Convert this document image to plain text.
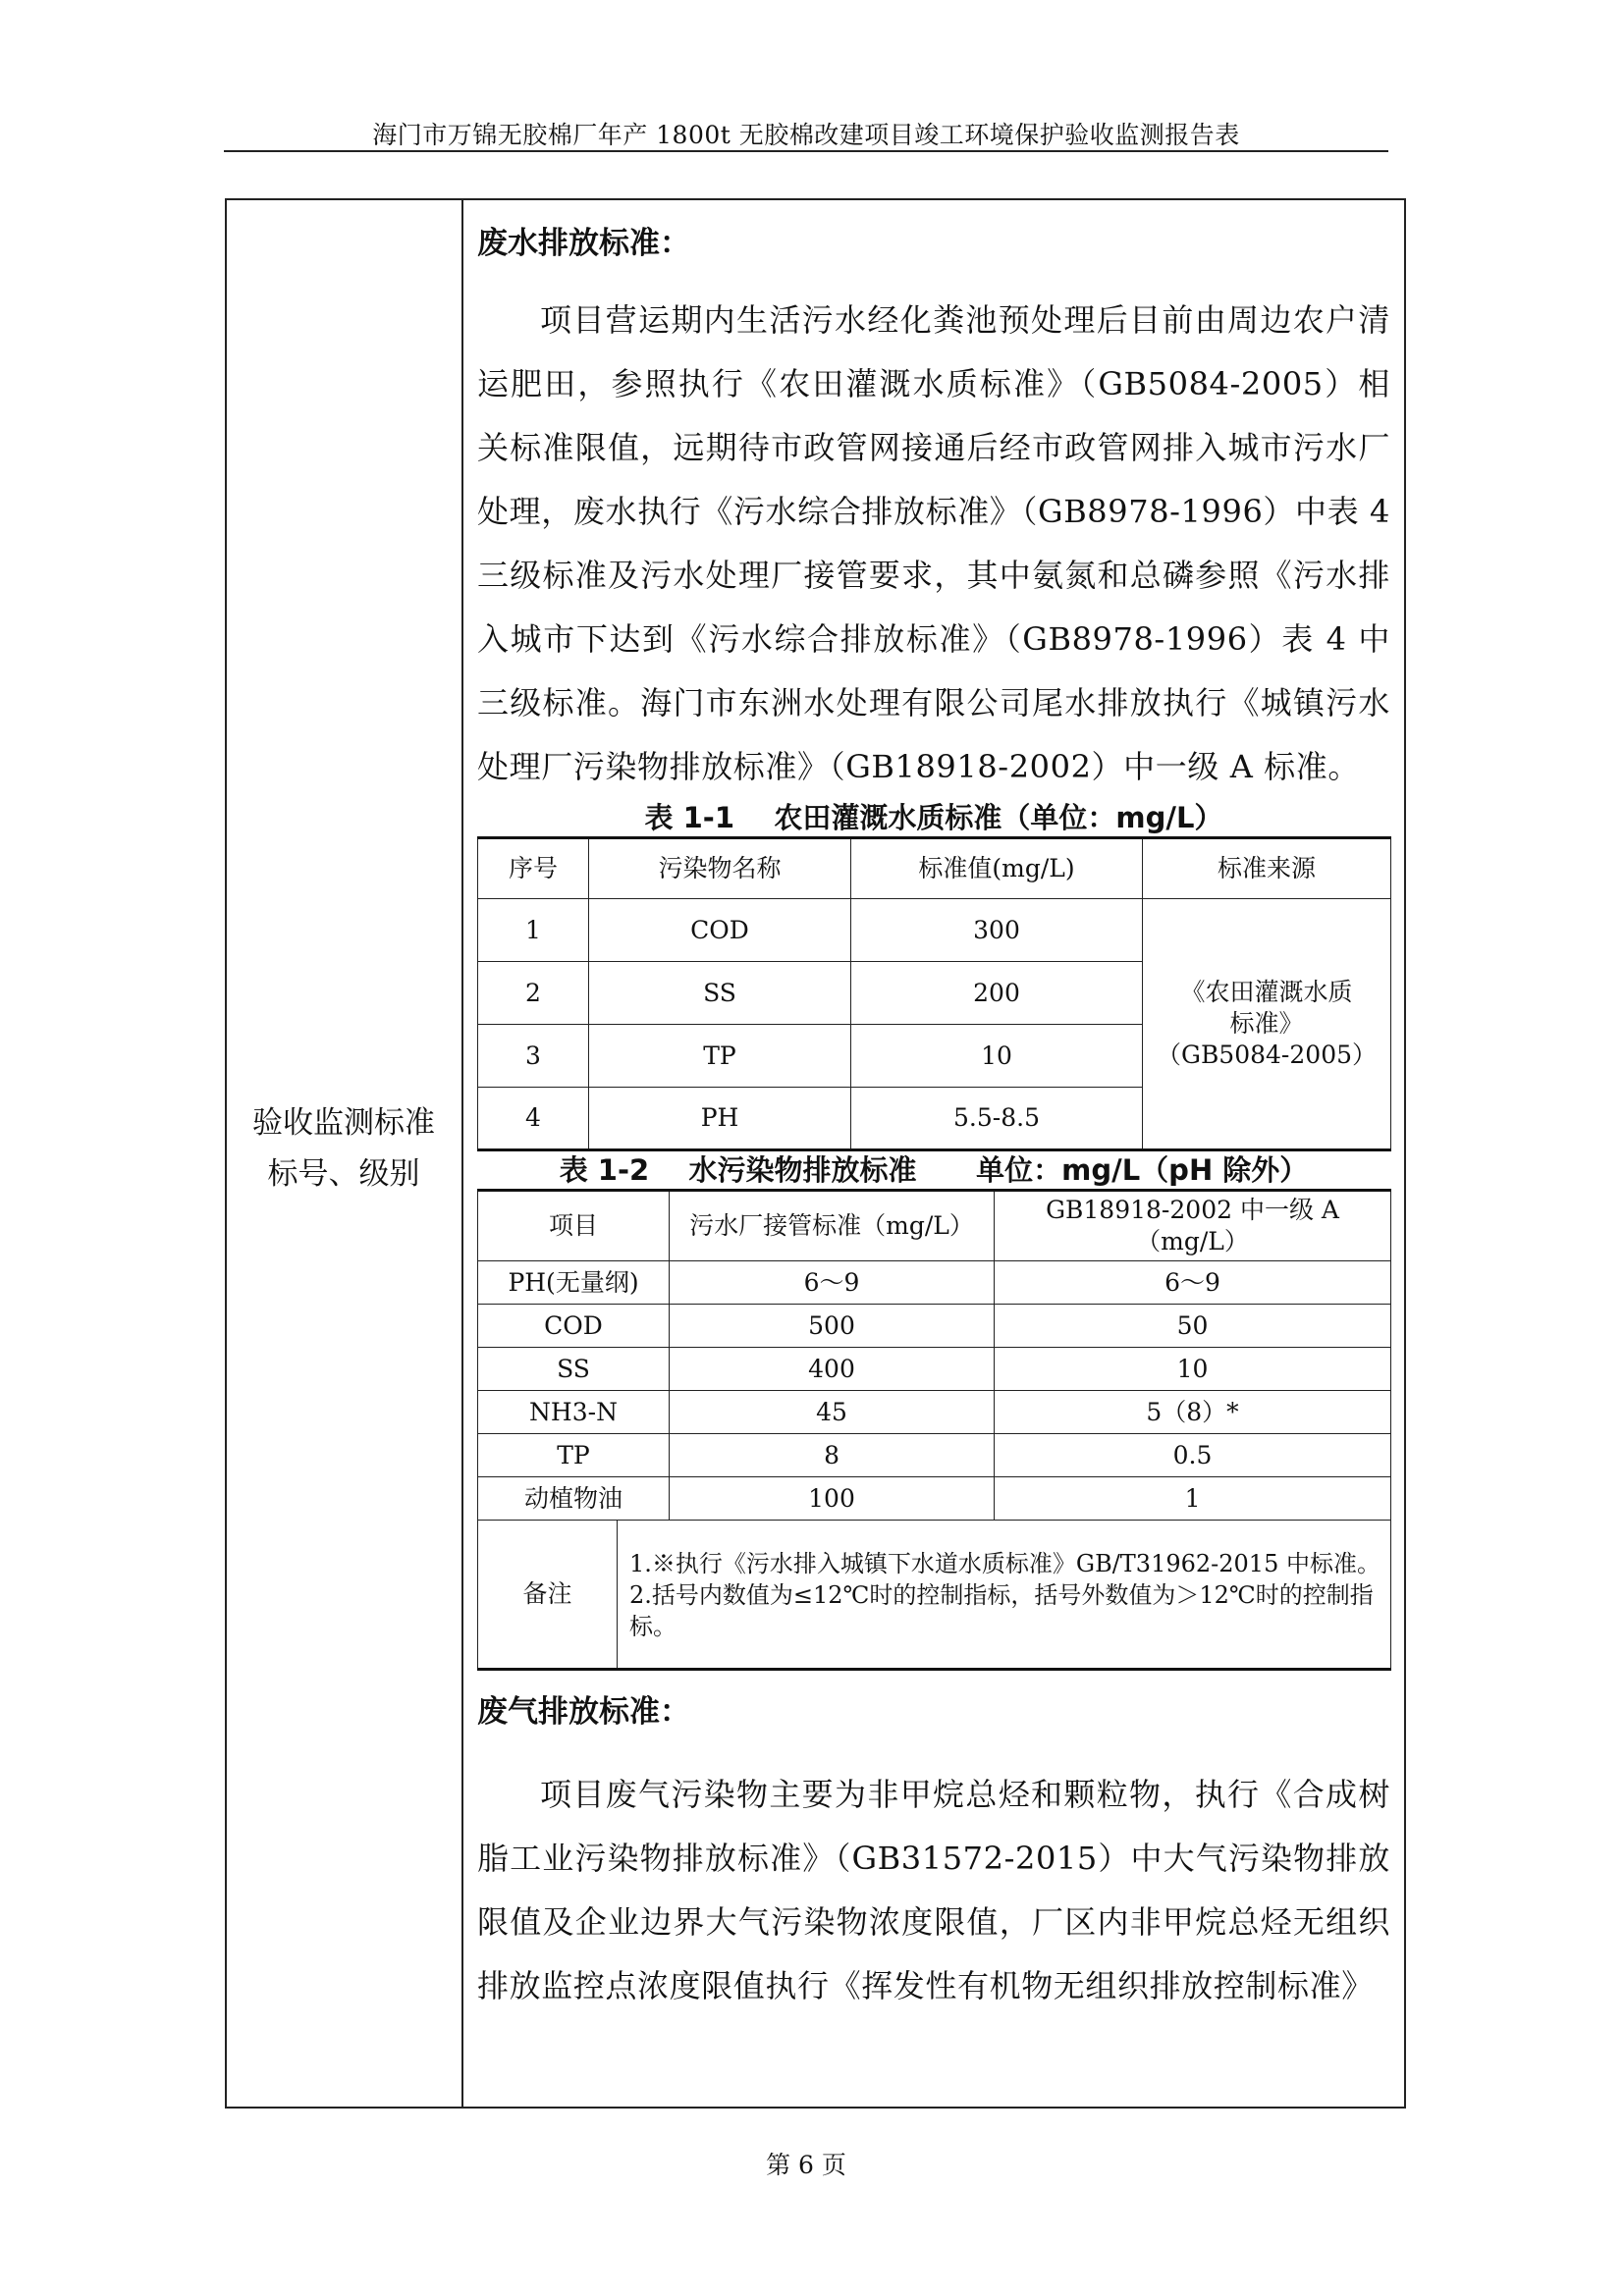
海门市万锦无胶棉厂年产 1800t 无胶棉改建项目竣工环境保护验收监测报告表
验收监测标准
标号、级别
废水排放标准：

项目营运期内生活污水经化粪池预处理后目前由周边农户清运肥田，参照执行《农田灌溉水质标准》（GB5084-2005）相关标准限值，远期待市政管网接通后经市政管网排入城市污水厂处理，废水执行《污水综合排放标准》（GB8978-1996）中表 4 三级标准及污水处理厂接管要求，其中氨氮和总磷参照《污水排入城市下达到《污水综合排放标准》（GB8978-1996）表 4 中三级标准。海门市东洲水处理有限公司尾水排放执行《城镇污水处理厂污染物排放标准》（GB18918-2002）中一级 A 标准。

表 1-1    农田灌溉水质标准（单位：mg/L）
序号	污染物名称	标准值(mg/L)	标准来源
1	COD	300	《农田灌溉水质
标准》
（GB5084-2005）

2	SS	200	
3	TP	10	
4	PH	5.5-8.5	
表 1-2    水污染物排放标准      单位：mg/L（pH 除外）
项目		污水厂接管标准（mg/L）	GB18918-2002 中一级 A
（mg/L）

PH(无量纲)		6～9	6～9
COD		500	50
SS		400	10
NH3-N		45	5（8）*
TP		8	0.5
动植物油		100	1
备注	1.※执行《污水排入城镇下水道水质标准》GB/T31962-2015 中标准。
2.括号内数值为≤12℃时的控制指标，括号外数值为＞12℃时的控制指标。		
废气排放标准：

项目废气污染物主要为非甲烷总烃和颗粒物，执行《合成树脂工业污染物排放标准》（GB31572-2015）中大气污染物排放限值及企业边界大气污染物浓度限值，厂区内非甲烷总烃无组织排放监控点浓度限值执行《挥发性有机物无组织排放控制标准》

第 6 页
